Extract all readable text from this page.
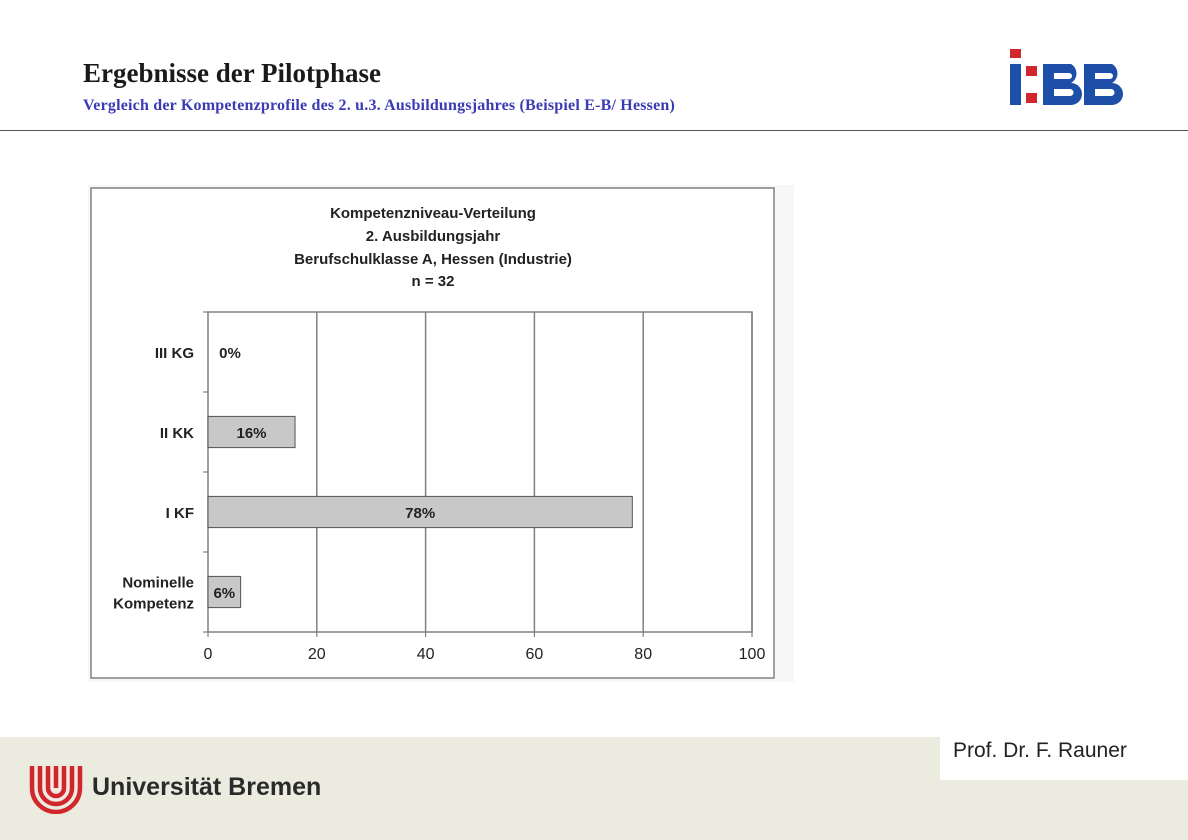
Ergebnisse der Pilotphase
Vergleich der Kompetenzprofile des 2. u.3. Ausbildungsjahres (Beispiel E-B/ Hessen)
Kompetenzniveau-Verteilung
2. Ausbildungsjahr
Berufschulklasse A, Hessen (Industrie)
n = 32
0	20	40	60	80	100
0%
III KG
16%
II KK
78%
I KF
6%
Nominelle
Kompetenz
Prof. Dr. F. Rauner
Universität Bremen
